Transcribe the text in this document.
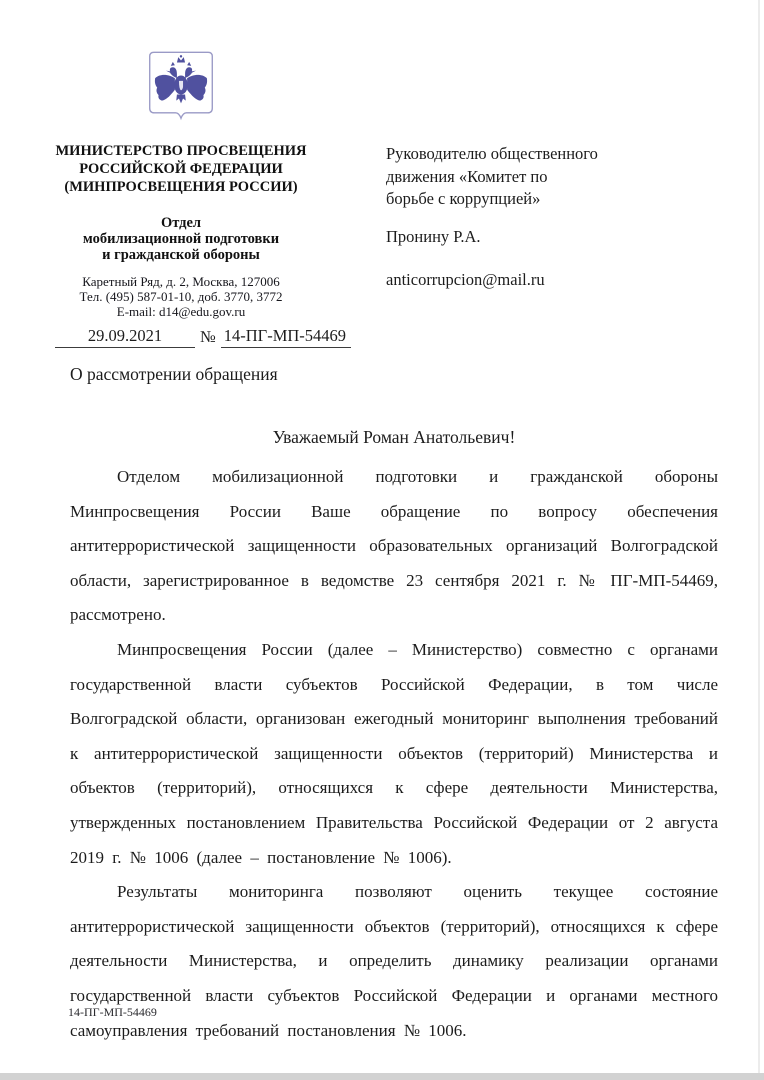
МИНИСТЕРСТВО ПРОСВЕЩЕНИЯ
РОССИЙСКОЙ ФЕДЕРАЦИИ
(МИНПРОСВЕЩЕНИЯ РОССИИ)
Отдел
мобилизационной подготовки
и гражданской обороны
Каретный Ряд, д. 2, Москва, 127006
Тел. (495) 587-01-10, доб. 3770, 3772
E-mail: d14@edu.gov.ru
Руководителю общественного
движения «Комитет по
борьбе с коррупцией»
Пронину Р.А.
anticorrupcion@mail.ru
29.09.2021	№ 14-ПГ-МП-54469
О рассмотрении обращения

Уважаемый Роман Анатольевич!

Отделом мобилизационной подготовки и гражданской обороны Минпросвещения России Ваше обращение по вопросу обеспечения антитеррористической защищенности образовательных организаций Волгоградской области, зарегистрированное в ведомстве 23 сентября 2021 г. № ПГ-МП-54469, рассмотрено.

Минпросвещения России (далее – Министерство) совместно с органами государственной власти субъектов Российской Федерации, в том числе Волгоградской области, организован ежегодный мониторинг выполнения требований к антитеррористической защищенности объектов (территорий) Министерства и объектов (территорий), относящихся к сфере деятельности Министерства, утвержденных постановлением Правительства Российской Федерации от 2 августа 2019 г. № 1006 (далее – постановление № 1006).

Результаты мониторинга позволяют оценить текущее состояние антитеррористической защищенности объектов (территорий), относящихся к сфере деятельности Министерства, и определить динамику реализации органами государственной власти субъектов Российской Федерации и органами местного самоуправления требований постановления № 1006.

14-ПГ-МП-54469
